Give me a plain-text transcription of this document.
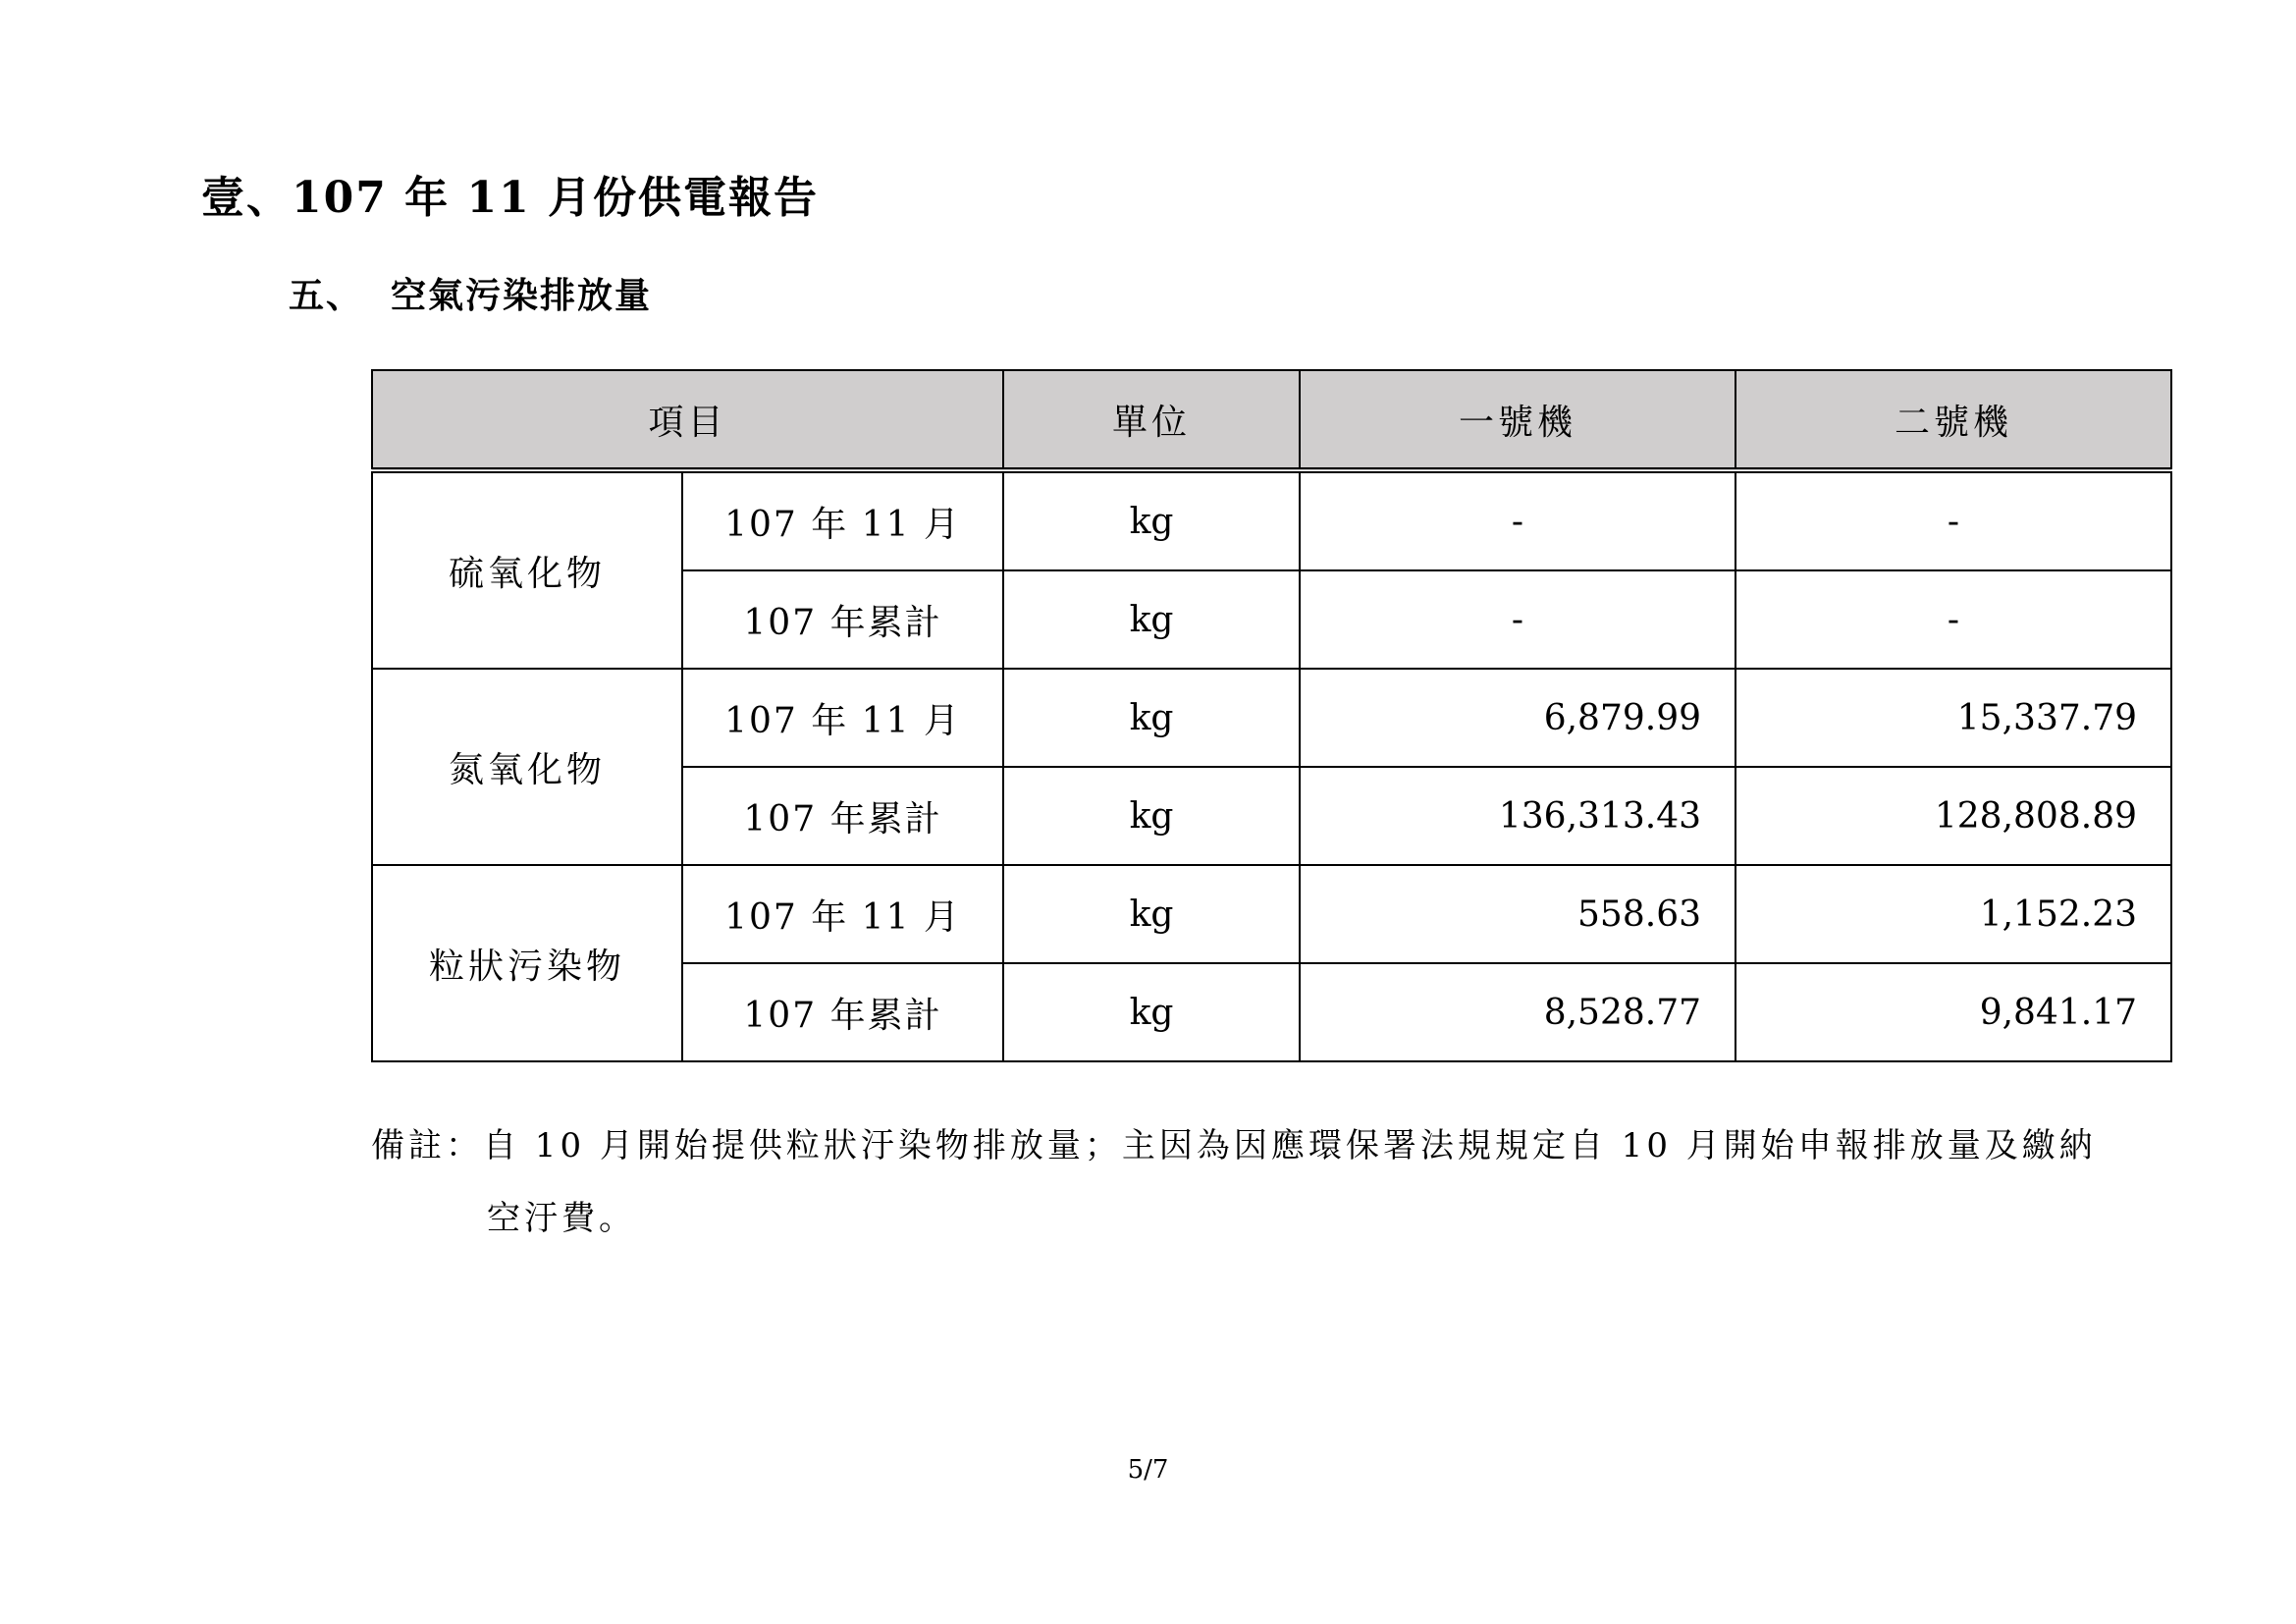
壹、107 年 11 月份供電報告
五、 空氣污染排放量
項目		單位	一號機	二號機
硫氧化物	107 年 11 月	kg	-	-
	107 年累計	kg	-	-
氮氧化物	107 年 11 月	kg	6,879.99	15,337.79
	107 年累計	kg	136,313.43	128,808.89
粒狀污染物	107 年 11 月	kg	558.63	1,152.23
	107 年累計	kg	8,528.77	9,841.17

備註：自 10 月開始提供粒狀汙染物排放量；主因為因應環保署法規規定自 10 月開始申報排放量及繳納
空汙費。

5/7
